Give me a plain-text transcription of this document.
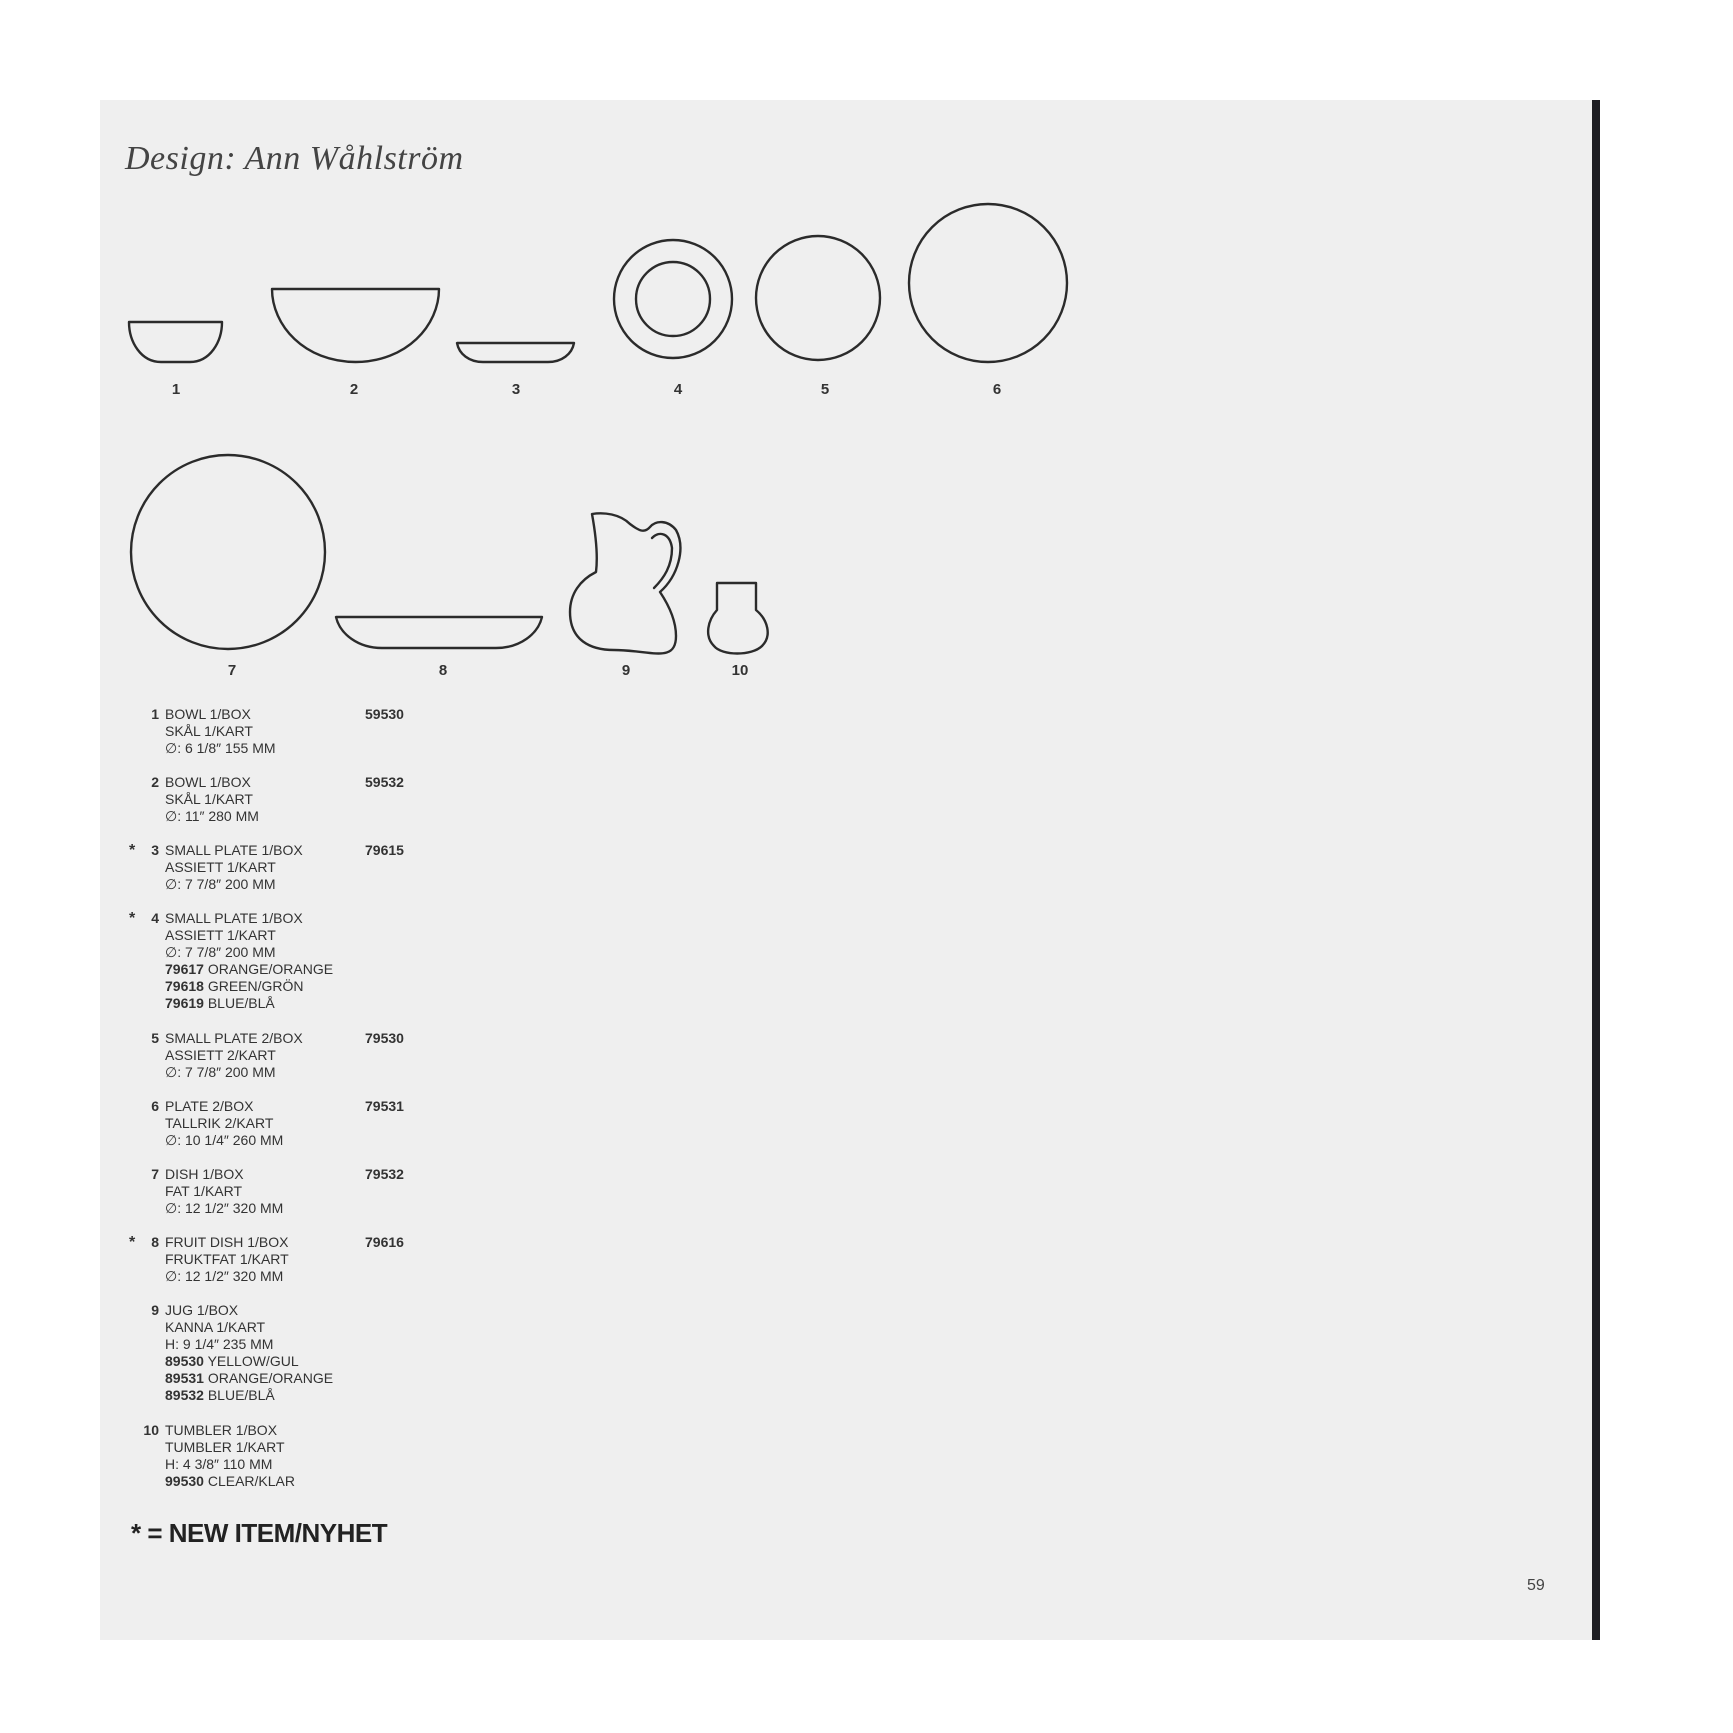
Design: Ann Wåhlström
1	2	3	4	5	6
7	8	9	10
1 BOWL 1/BOX
SKÅL 1/KART
∅: 6 1/8″ 155 MM
59530
2 BOWL 1/BOX
SKÅL 1/KART
∅: 11″ 280 MM
59532
*	3 SMALL PLATE 1/BOX
ASSIETT 1/KART
∅: 7 7/8″ 200 MM
79615
*	4 SMALL PLATE 1/BOX
ASSIETT 1/KART
∅: 7 7/8″ 200 MM
79617 ORANGE/ORANGE
79618 GREEN/GRÖN
79619 BLUE/BLÅ
5 SMALL PLATE 2/BOX
ASSIETT 2/KART
∅: 7 7/8″ 200 MM
79530
6 PLATE 2/BOX
TALLRIK 2/KART
∅: 10 1/4″ 260 MM
79531
7 DISH 1/BOX
FAT 1/KART
∅: 12 1/2″ 320 MM
79532
*	8 FRUIT DISH 1/BOX
FRUKTFAT 1/KART
∅: 12 1/2″ 320 MM
79616
9 JUG 1/BOX
KANNA 1/KART
H: 9 1/4″ 235 MM
89530 YELLOW/GUL
89531 ORANGE/ORANGE
89532 BLUE/BLÅ
10 TUMBLER 1/BOX
TUMBLER 1/KART
H: 4 3/8″ 110 MM
99530 CLEAR/KLAR
* = NEW ITEM/NYHET
59
